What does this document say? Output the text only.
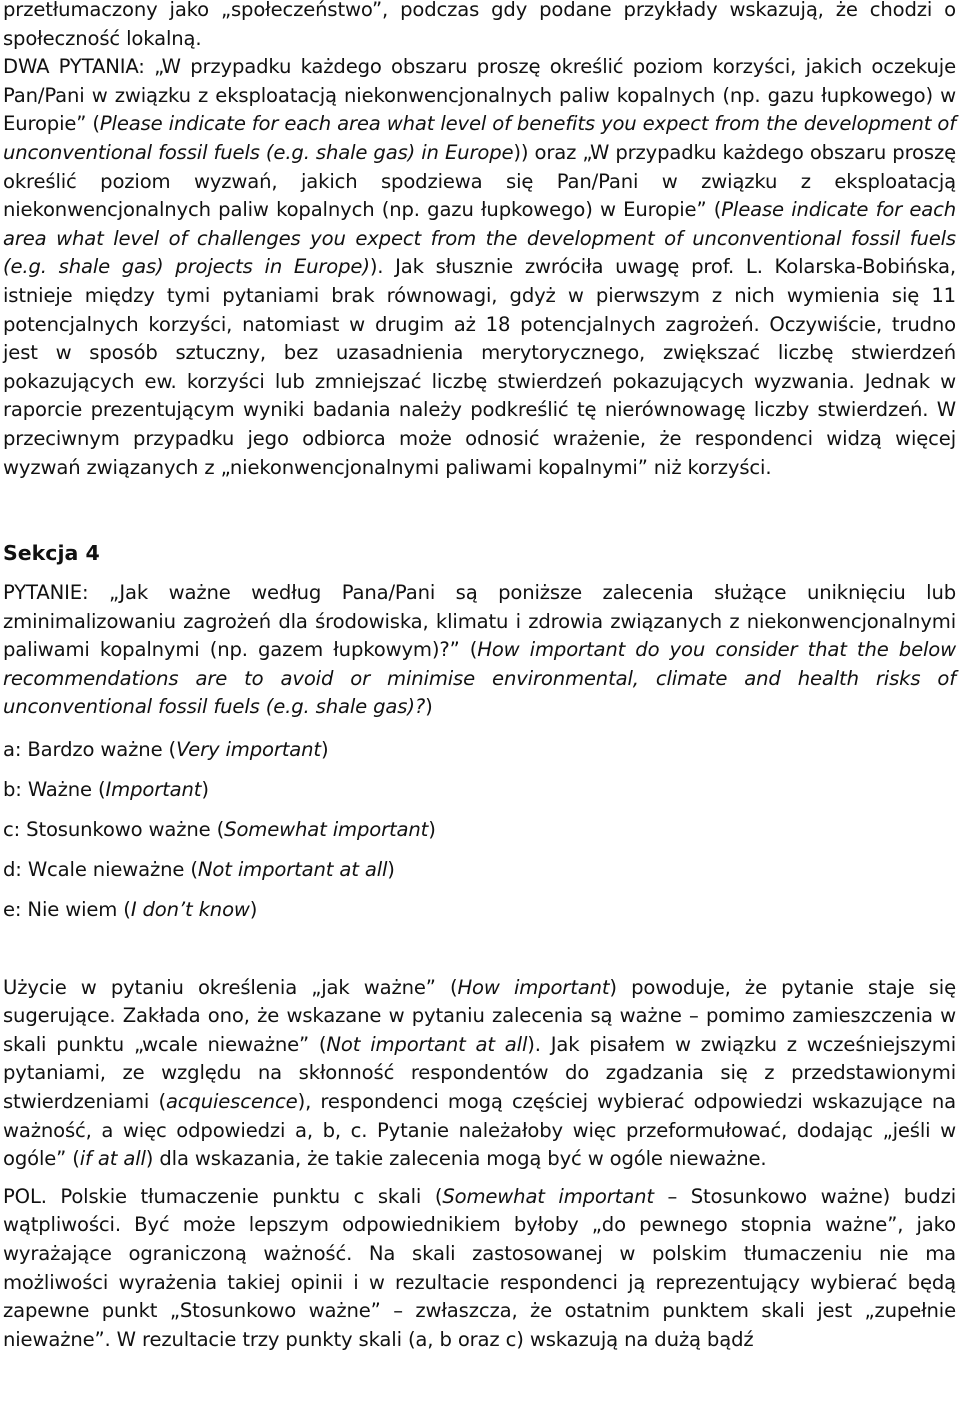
przetłumaczony jako „społeczeństwo”, podczas gdy podane przykłady wskazują, że chodzi o społeczność lokalną.

DWA PYTANIA: „W przypadku każdego obszaru proszę określić poziom korzyści, jakich oczekuje Pan/Pani w związku z eksploatacją niekonwencjonalnych paliw kopalnych (np. gazu łupkowego) w Europie” (Please indicate for each area what level of benefits you expect from the development of unconventional fossil fuels (e.g. shale gas) in Europe)) oraz „W przypadku każdego obszaru proszę określić poziom wyzwań, jakich spodziewa się Pan/Pani w związku z eksploatacją niekonwencjonalnych paliw kopalnych (np. gazu łupkowego) w Europie” (Please indicate for each area what level of challenges you expect from the development of unconventional fossil fuels (e.g. shale gas) projects in Europe)). Jak słusznie zwróciła uwagę prof. L. Kolarska-Bobińska, istnieje między tymi pytaniami brak równowagi, gdyż w pierwszym z nich wymienia się 11 potencjalnych korzyści, natomiast w drugim aż 18 potencjalnych zagrożeń. Oczywiście, trudno jest w sposób sztuczny, bez uzasadnienia merytorycznego, zwiększać liczbę stwierdzeń pokazujących ew. korzyści lub zmniejszać liczbę stwierdzeń pokazujących wyzwania. Jednak w raporcie prezentującym wyniki badania należy podkreślić tę nierównowagę liczby stwierdzeń. W przeciwnym przypadku jego odbiorca może odnosić wrażenie, że respondenci widzą więcej wyzwań związanych z „niekonwencjonalnymi paliwami kopalnymi” niż korzyści.

Sekcja 4

PYTANIE: „Jak ważne według Pana/Pani są poniższe zalecenia służące uniknięciu lub zminimalizowaniu zagrożeń dla środowiska, klimatu i zdrowia związanych z niekonwencjonalnymi paliwami kopalnymi (np. gazem łupkowym)?” (How important do you consider that the below recommendations are to avoid or minimise environmental, climate and health risks of unconventional fossil fuels (e.g. shale gas)?)

a: Bardzo ważne (Very important)

b: Ważne (Important)

c: Stosunkowo ważne (Somewhat important)

d: Wcale nieważne (Not important at all)

e: Nie wiem (I don’t know)

Użycie w pytaniu określenia „jak ważne” (How important) powoduje, że pytanie staje się sugerujące. Zakłada ono, że wskazane w pytaniu zalecenia są ważne – pomimo zamieszczenia w skali punktu „wcale nieważne” (Not important at all). Jak pisałem w związku z wcześniejszymi pytaniami, ze względu na skłonność respondentów do zgadzania się z przedstawionymi stwierdzeniami (acquiescence), respondenci mogą częściej wybierać odpowiedzi wskazujące na ważność, a więc odpowiedzi a, b, c. Pytanie należałoby więc przeformułować, dodając „jeśli w ogóle” (if at all) dla wskazania, że takie zalecenia mogą być w ogóle nieważne.

POL. Polskie tłumaczenie punktu c skali (Somewhat important – Stosunkowo ważne) budzi wątpliwości. Być może lepszym odpowiednikiem byłoby „do pewnego stopnia ważne”, jako wyrażające ograniczoną ważność. Na skali zastosowanej w polskim tłumaczeniu nie ma możliwości wyrażenia takiej opinii i w rezultacie respondenci ją reprezentujący wybierać będą zapewne punkt „Stosunkowo ważne” – zwłaszcza, że ostatnim punktem skali jest „zupełnie nieważne”. W rezultacie trzy punkty skali (a, b oraz c) wskazują na dużą bądź
